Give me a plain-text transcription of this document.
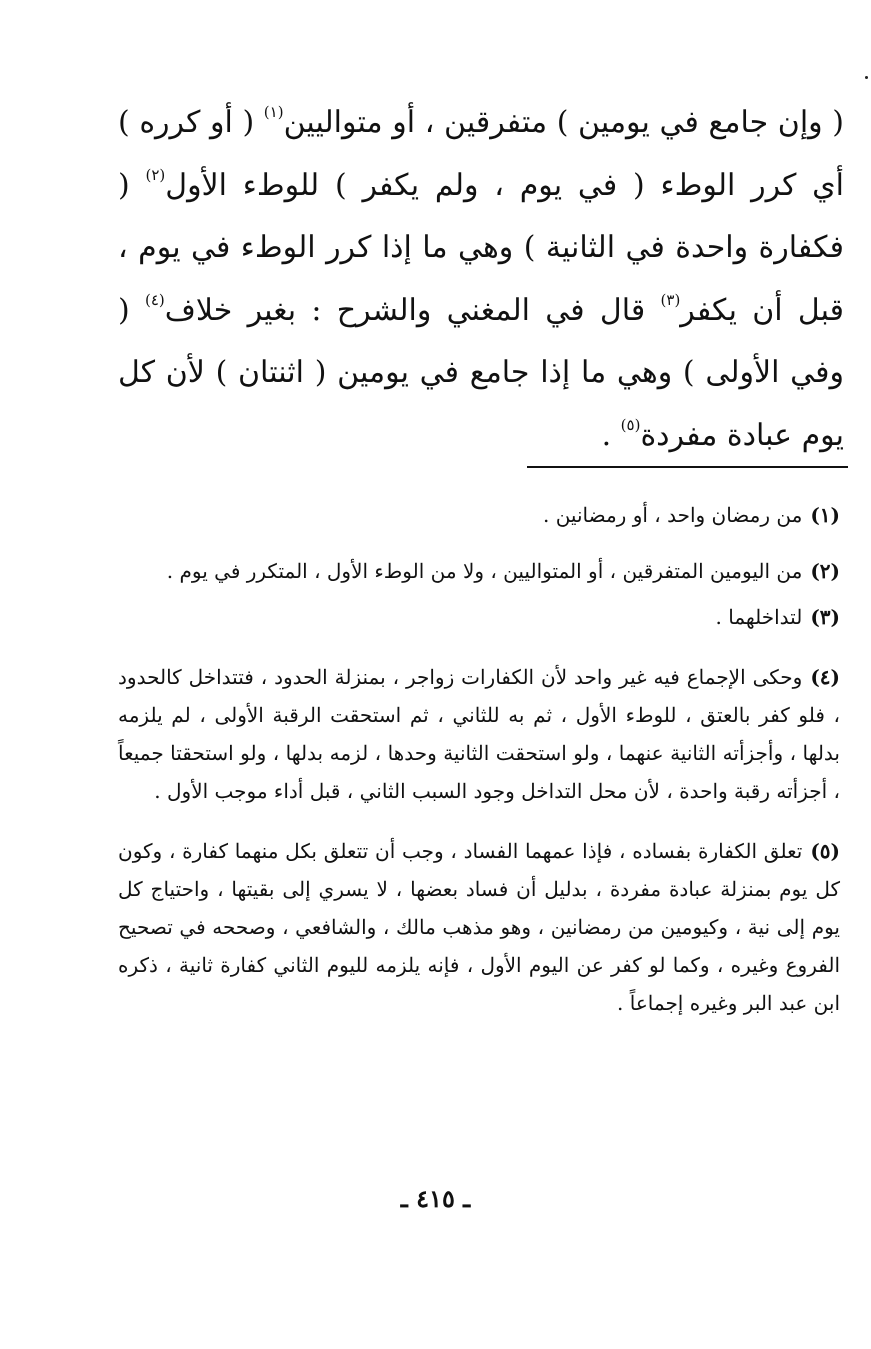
( وإن جامع في يومين ) متفرقين ، أو متواليين$^{(١)}$ ( أو كرره ) أي كرر الوطء ( في يوم ، ولم يكفر ) للوطء الأول$^{(٢)}$ ( فكفارة واحدة في الثانية ) وهي ما إذا كرر الوطء في يوم ، قبل أن يكفر$^{(٣)}$ قال في المغني والشرح : بغير خلاف$^{(٤)}$ ( وفي الأولى ) وهي ما إذا جامع في يومين ( اثنتان ) لأن كل يوم عبادة مفردة$^{(٥)}$ .

(١)من رمضان واحد ، أو رمضانين .

(٢)من اليومين المتفرقين ، أو المتواليين ، ولا من الوطء الأول ، المتكرر في يوم .

(٣)لتداخلهما .

(٤)وحكى الإجماع فيه غير واحد لأن الكفارات زواجر ، بمنزلة الحدود ، فتتداخل كالحدود ، فلو كفر بالعتق ، للوطء الأول ، ثم به للثاني ، ثم استحقت الرقبة الأولى ، لم يلزمه بدلها ، وأجزأته الثانية عنهما ، ولو استحقت الثانية وحدها ، لزمه بدلها ، ولو استحقتا جميعاً ، أجزأته رقبة واحدة ، لأن محل التداخل وجود السبب الثاني ، قبل أداء موجب الأول .

(٥)تعلق الكفارة بفساده ، فإذا عمهما الفساد ، وجب أن تتعلق بكل منهما كفارة ، وكون كل يوم بمنزلة عبادة مفردة ، بدليل أن فساد بعضها ، لا يسري إلى بقيتها ، واحتياج كل يوم إلى نية ، وكيومين من رمضانين ، وهو مذهب مالك ، والشافعي ، وصححه في تصحيح الفروع وغيره ، وكما لو كفر عن اليوم الأول ، فإنه يلزمه لليوم الثاني كفارة ثانية ، ذكره ابن عبد البر وغيره إجماعاً .

ـ ٤١٥ ـ
